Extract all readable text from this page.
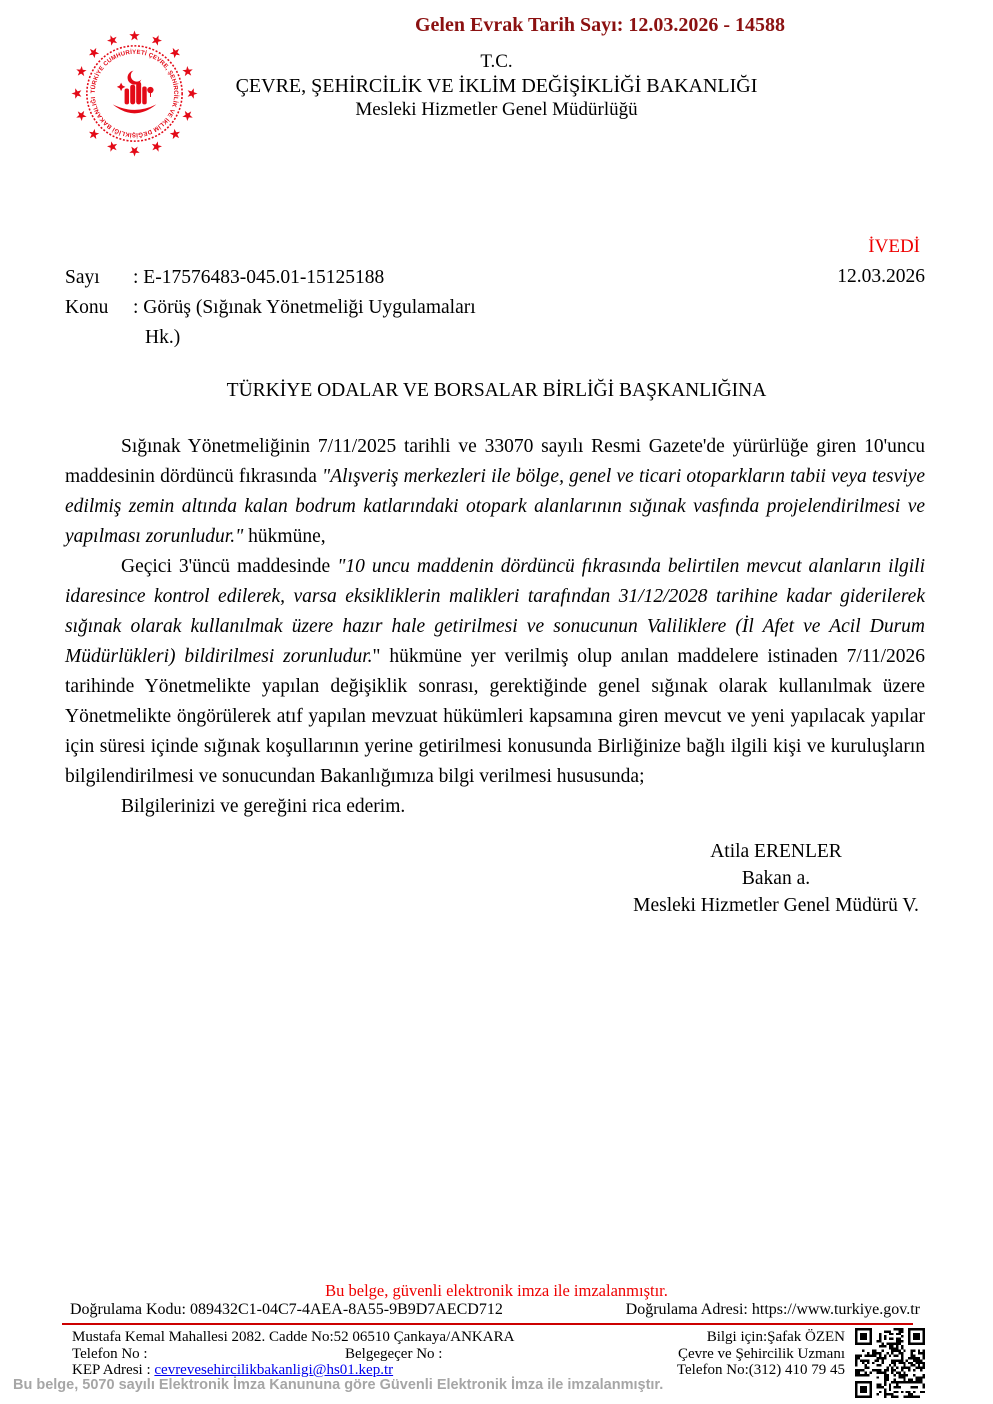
Gelen Evrak Tarih Sayı: 12.03.2026 - 14588
TÜRKİYE CUMHURİYETİ ÇEVRE, ŞEHİRCİLİK VE İKLİM DEĞİŞİKLİĞİ BAKANLIĞI
T.C.
ÇEVRE, ŞEHİRCİLİK VE İKLİM DEĞİŞİKLİĞİ BAKANLIĞI
Mesleki Hizmetler Genel Müdürlüğü
İVEDİ
12.03.2026
Sayı	: E-17576483-045.01-15125188
Konu	: Görüş (Sığınak Yönetmeliği Uygulamaları
Hk.)
TÜRKİYE ODALAR VE BORSALAR BİRLİĞİ BAŞKANLIĞINA

Sığınak Yönetmeliğinin 7/11/2025 tarihli ve 33070 sayılı Resmi Gazete'de yürürlüğe giren 10'uncu maddesinin dördüncü fıkrasında "Alışveriş merkezleri ile bölge, genel ve ticari otoparkların tabii veya tesviye edilmiş zemin altında kalan bodrum katlarındaki otopark alanlarının sığınak vasfında projelendirilmesi ve yapılması zorunludur." hükmüne,

Geçici 3'üncü maddesinde "10 uncu maddenin dördüncü fıkrasında belirtilen mevcut alanların ilgili idaresince kontrol edilerek, varsa eksikliklerin malikleri tarafından 31/12/2028 tarihine kadar giderilerek sığınak olarak kullanılmak üzere hazır hale getirilmesi ve sonucunun Valiliklere (İl Afet ve Acil Durum Müdürlükleri) bildirilmesi zorunludur." hükmüne yer verilmiş olup anılan maddelere istinaden 7/11/2026 tarihinde Yönetmelikte yapılan değişiklik sonrası, gerektiğinde genel sığınak olarak kullanılmak üzere Yönetmelikte öngörülerek atıf yapılan mevzuat hükümleri kapsamına giren mevcut ve yeni yapılacak yapılar için süresi içinde sığınak koşullarının yerine getirilmesi konusunda Birliğinize bağlı ilgili kişi ve kuruluşların bilgilendirilmesi ve sonucundan Bakanlığımıza bilgi verilmesi hususunda;

Bilgilerinizi ve gereğini rica ederim.

Atila ERENLER
Bakan a.
Mesleki Hizmetler Genel Müdürü V.
Bu belge, güvenli elektronik imza ile imzalanmıştır.
Doğrulama Kodu: 089432C1-04C7-4AEA-8A55-9B9D7AECD712	Doğrulama Adresi: https://www.turkiye.gov.tr
Mustafa Kemal Mahallesi 2082. Cadde No:52 06510 Çankaya/ANKARA
Telefon No :	Belgegeçer No :
KEP Adresi : cevrevesehircilikbakanligi@hs01.kep.tr
Bilgi için:Şafak ÖZEN
Çevre ve Şehircilik Uzmanı
Telefon No:(312) 410 79 45
Bu belge, 5070 sayılı Elektronik İmza Kanununa göre Güvenli Elektronik İmza ile imzalanmıştır.
